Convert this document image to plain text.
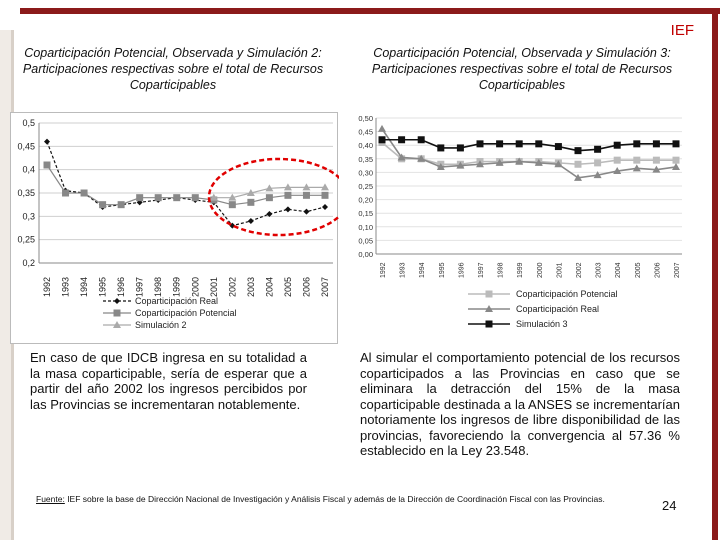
IEF
Coparticipación Potencial, Observada y Simulación 2: Participaciones respectivas sobre el total de Recursos Coparticipables
Coparticipación Potencial, Observada y Simulación 3: Participaciones respectivas sobre el total de Recursos Coparticipables
0,2
0,25
0,3
0,35
0,4
0,45
0,5
1992 1993 1994 1995 1996 1997 1998 1999 2000 2001 2002 2003 2004 2005 2006 2007
Coparticipación Real
Coparticipación Potencial
Simulación 2
0,00
0,05
0,10
0,15
0,20
0,25
0,30
0,35
0,40
0,45
0,50
1992 1993 1994 1995 1996 1997 1998 1999 2000 2001 2002 2003 2004 2005 2006 2007
Coparticipación Potencial
Coparticipación Real
Simulación 3
En caso de que IDCB ingresa en su totalidad a la masa coparticipable, sería de esperar que a partir del año 2002 los ingresos percibidos por las Provincias se incrementaran notablemente.
Al simular el comportamiento potencial de los recursos coparticipados a las Provincias en caso que se eliminara la detracción del 15% de la masa coparticipable destinada a la ANSES se incrementarían notoriamente los ingresos de libre disponibilidad de las provincias, favoreciendo la convergencia al 57.36 % establecido en la Ley 23.548.
Fuente: IEF sobre la base de Dirección Nacional de Investigación y Análisis Fiscal y además de la Dirección de Coordinación Fiscal con las Provincias.	24
